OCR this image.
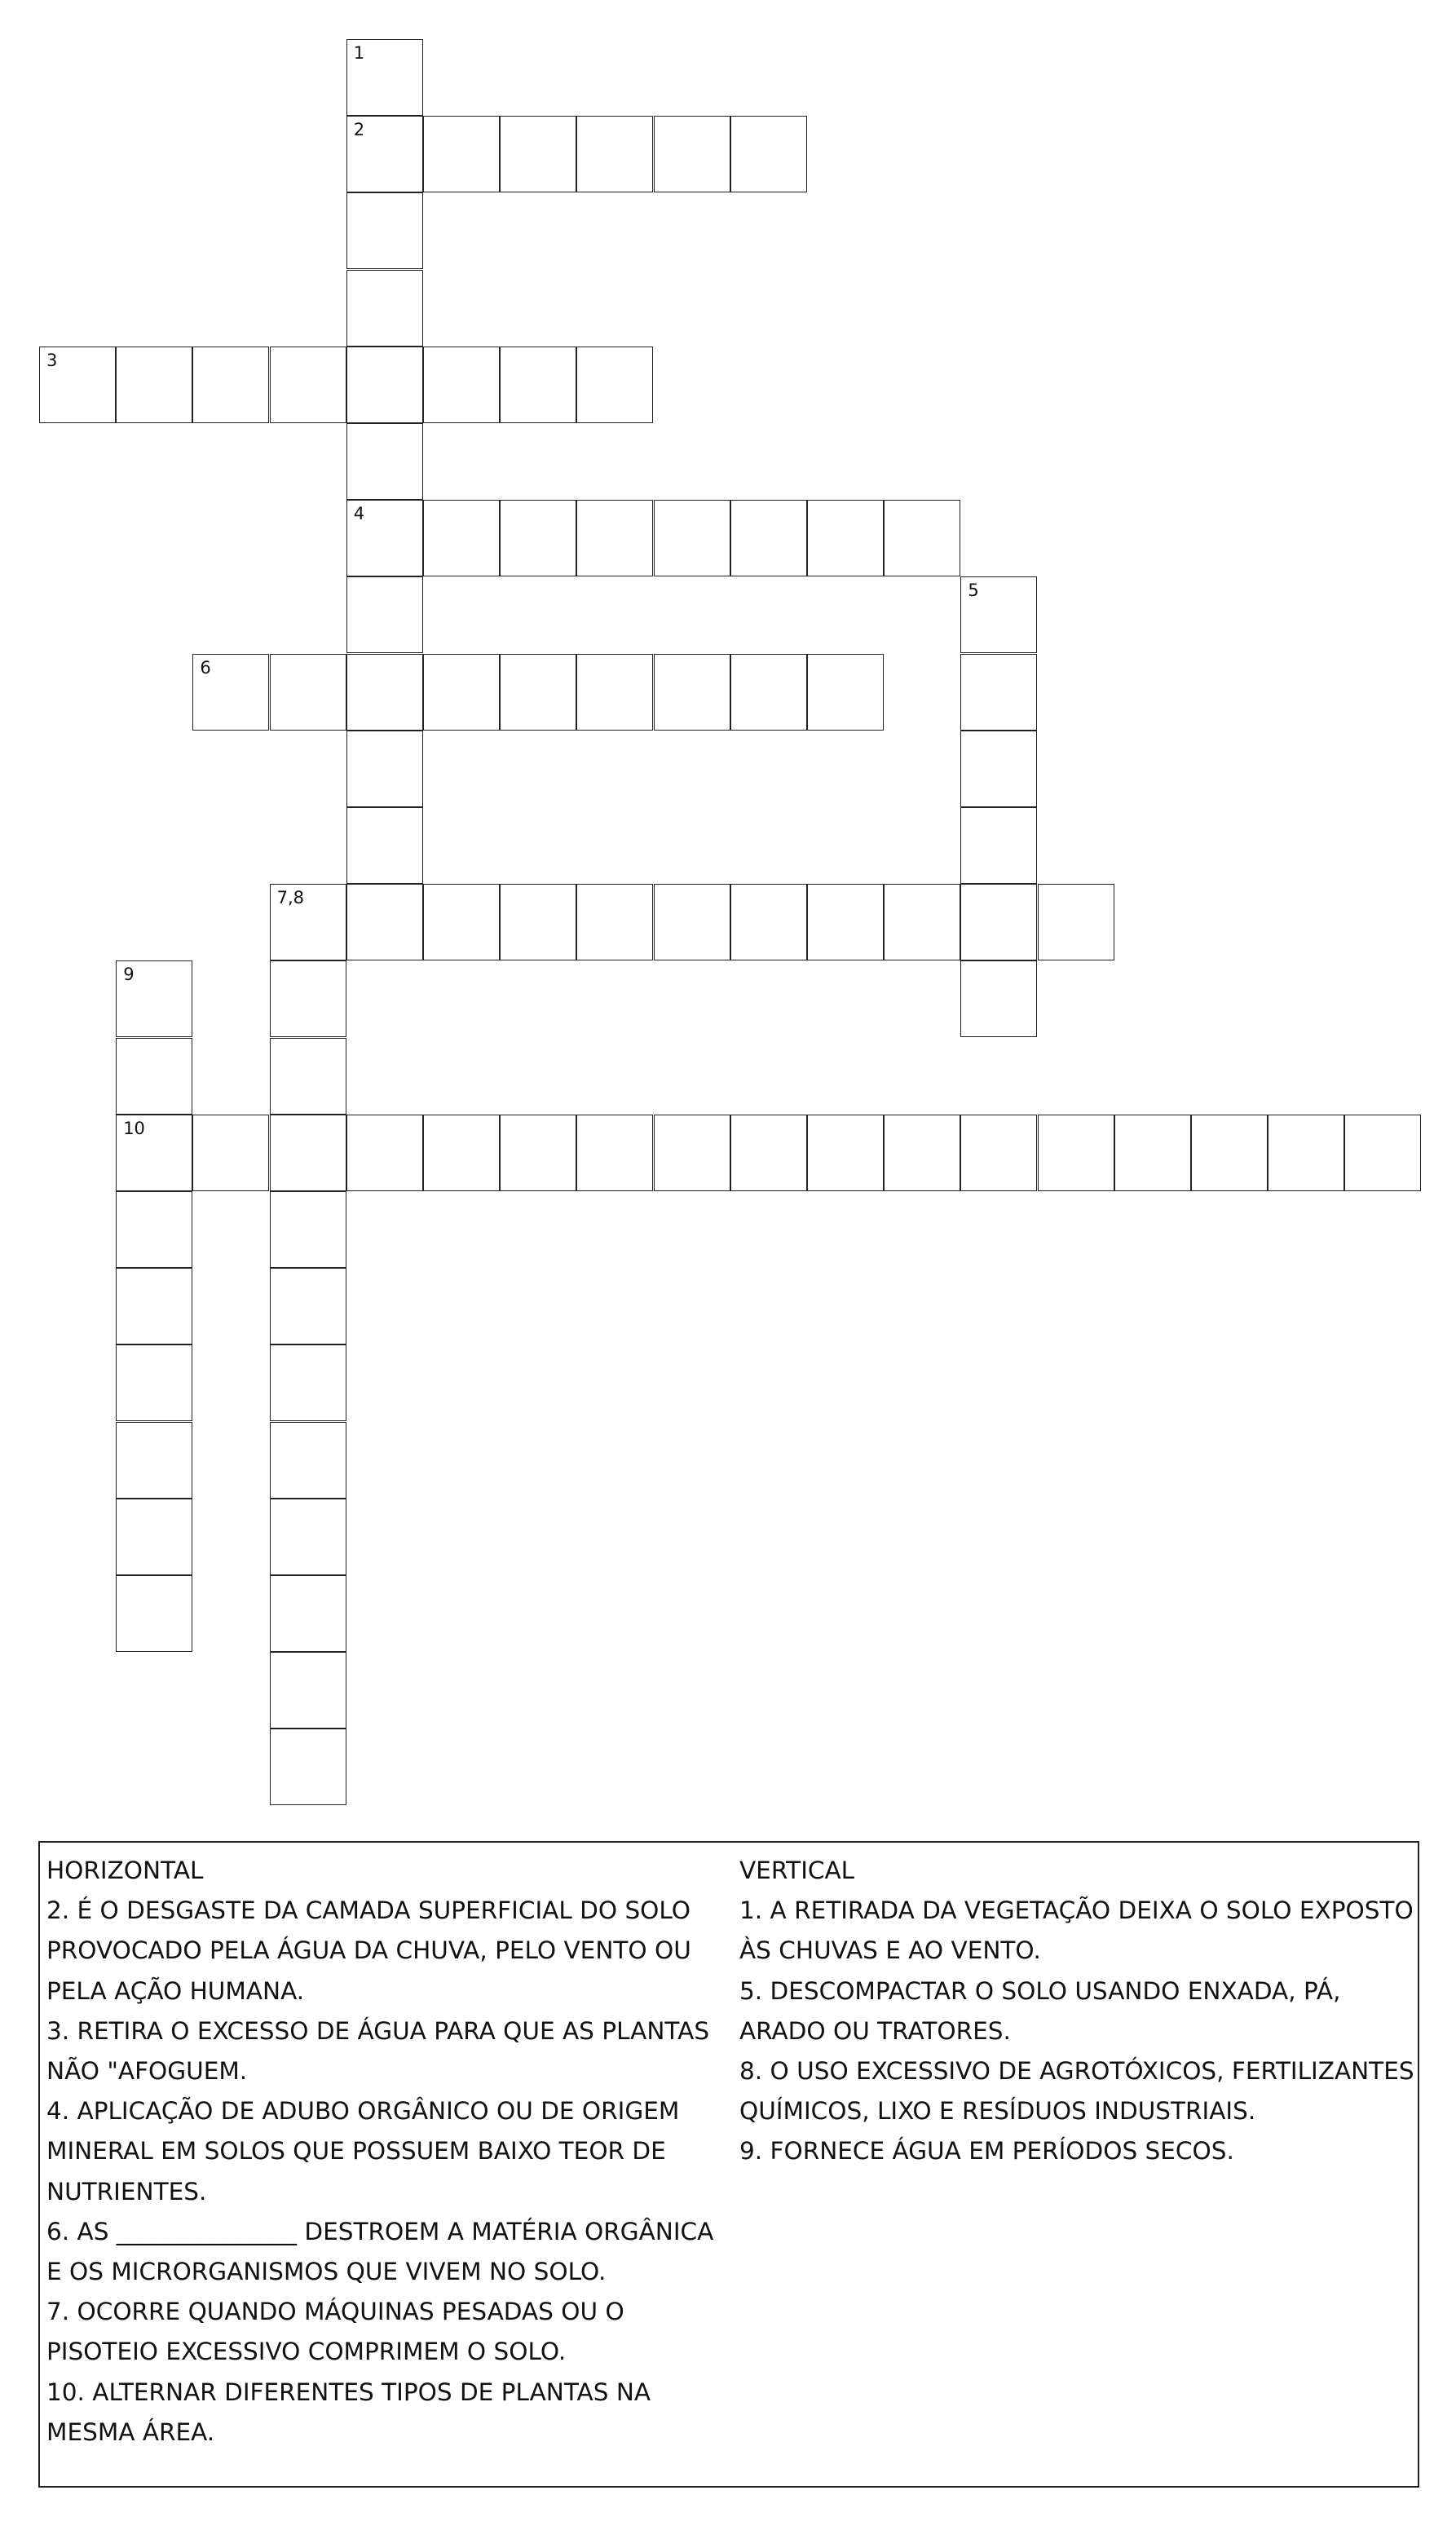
2
3
4
6
7,8
10
1
5
9

HORIZONTAL

2. É O DESGASTE DA CAMADA SUPERFICIAL DO SOLO PROVOCADO PELA ÁGUA DA CHUVA, PELO VENTO OU PELA AÇÃO HUMANA.

3. RETIRA O EXCESSO DE ÁGUA PARA QUE AS PLANTAS NÃO "AFOGUEM.

4. APLICAÇÃO DE ADUBO ORGÂNICO OU DE ORIGEM MINERAL EM SOLOS QUE POSSUEM BAIXO TEOR DE NUTRIENTES.

6. AS _______________ DESTROEM A MATÉRIA ORGÂNICA E OS MICRORGANISMOS QUE VIVEM NO SOLO.

7. OCORRE QUANDO MÁQUINAS PESADAS OU O PISOTEIO EXCESSIVO COMPRIMEM O SOLO.

10. ALTERNAR DIFERENTES TIPOS DE PLANTAS NA MESMA ÁREA.

VERTICAL

1. A RETIRADA DA VEGETAÇÃO DEIXA O SOLO EXPOSTO ÀS CHUVAS E AO VENTO.

5. DESCOMPACTAR O SOLO USANDO ENXADA, PÁ, ARADO OU TRATORES.

8. O USO EXCESSIVO DE AGROTÓXICOS, FERTILIZANTES QUÍMICOS, LIXO E RESÍDUOS INDUSTRIAIS.

9. FORNECE ÁGUA EM PERÍODOS SECOS.
